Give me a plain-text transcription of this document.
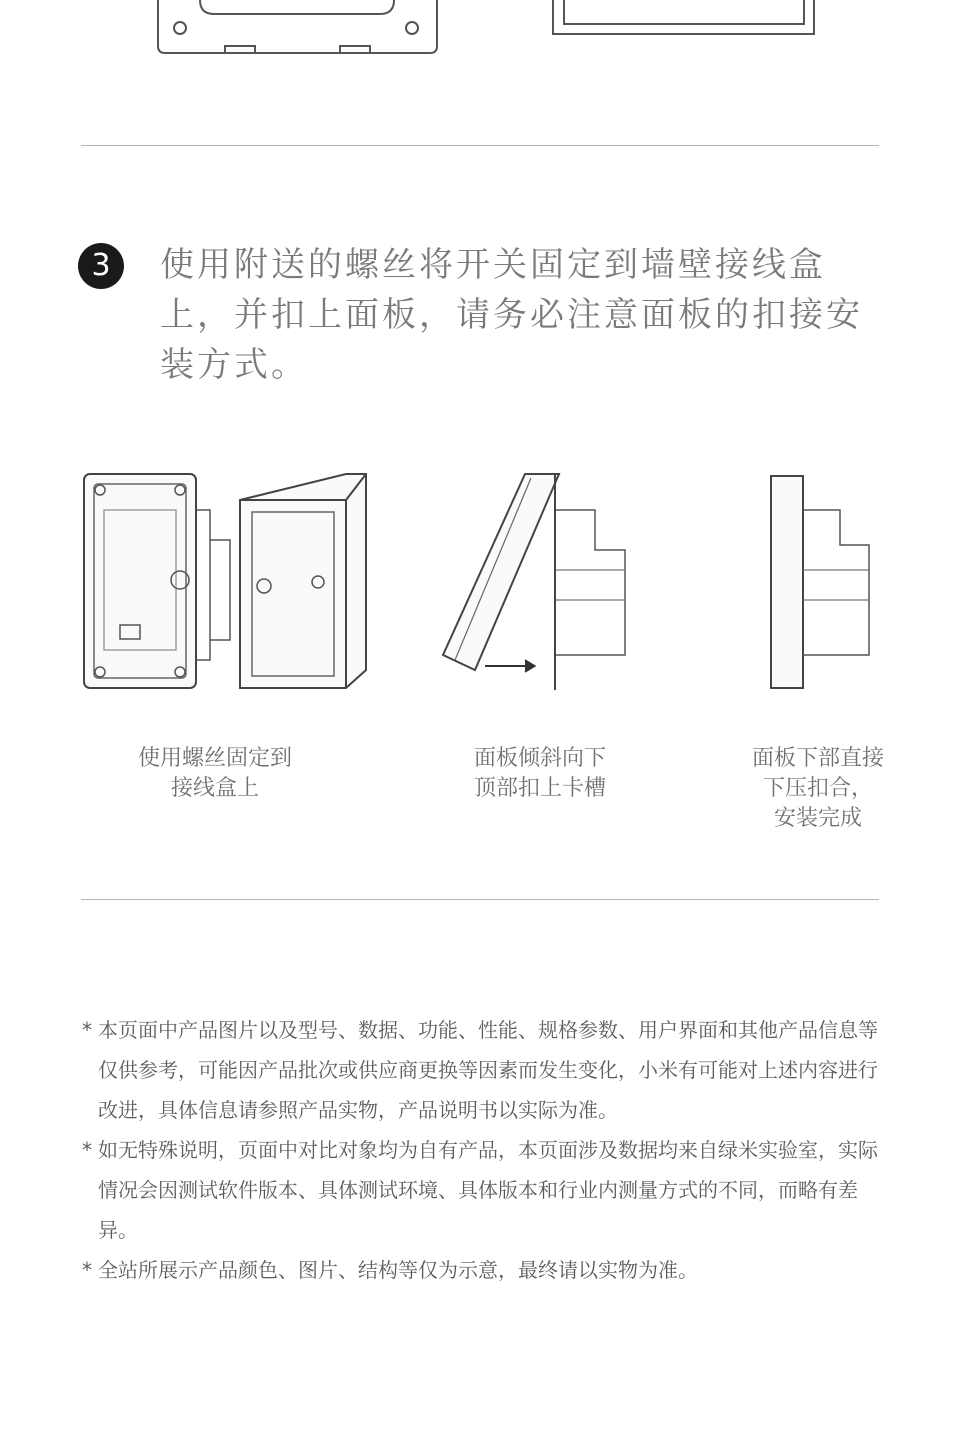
3	使用附送的螺丝将开关固定到墙壁接线盒上，并扣上面板，请务必注意面板的扣接安装方式。
使用螺丝固定到
接线盒上
面板倾斜向下
顶部扣上卡槽
面板下部直接
下压扣合，
安装完成
* 本页面中产品图片以及型号、数据、功能、性能、规格参数、用户界面和其他产品信息等仅供参考，可能因产品批次或供应商更换等因素而发生变化，小米有可能对上述内容进行改进，具体信息请参照产品实物，产品说明书以实际为准。
* 如无特殊说明，页面中对比对象均为自有产品，本页面涉及数据均来自绿米实验室，实际情况会因测试软件版本、具体测试环境、具体版本和行业内测量方式的不同，而略有差异。
* 全站所展示产品颜色、图片、结构等仅为示意，最终请以实物为准。
